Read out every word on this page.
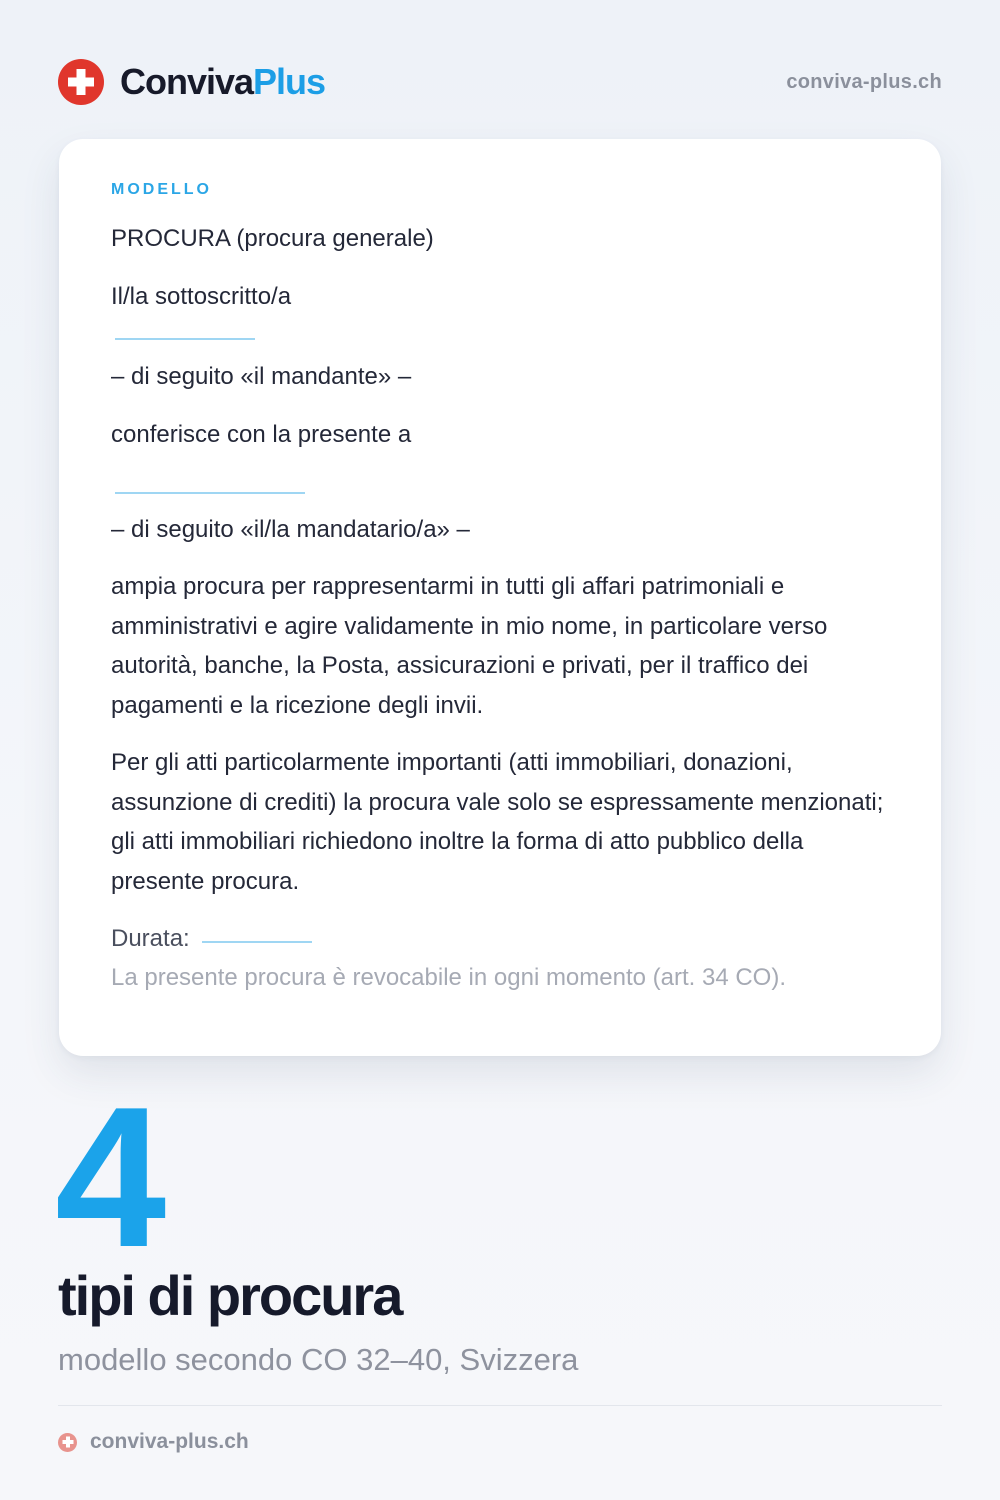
ConvivaPlus	conviva-plus.ch
MODELLO
PROCURA (procura generale)
Il/la sottoscritto/a
– di seguito «il mandante» –
conferisce con la presente a
– di seguito «il/la mandatario/a» –

ampia procura per rappresentarmi in tutti gli affari patrimoniali e amministrativi e agire validamente in mio nome, in particolare verso autorità, banche, la Posta, assicurazioni e privati, per il traffico dei pagamenti e la ricezione degli invii.

Per gli atti particolarmente importanti (atti immobiliari, donazioni, assunzione di crediti) la procura vale solo se espressamente menzionati; gli atti immobiliari richiedono inoltre la forma di atto pubblico della presente procura.

Durata:
La presente procura è revocabile in ogni momento (art. 34 CO).
4
tipi di procura
modello secondo CO 32–40, Svizzera
conviva-plus.ch
